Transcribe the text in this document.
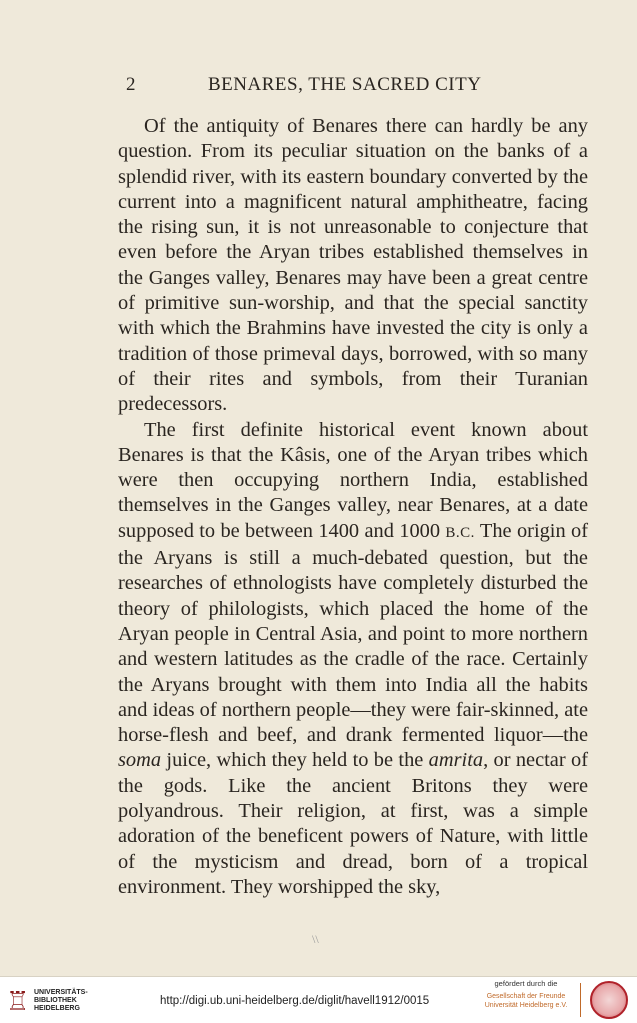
2	BENARES, THE SACRED CITY

Of the antiquity of Benares there can hardly be any question. From its peculiar situation on the banks of a splendid river, with its eastern boundary converted by the current into a magnificent natural amphitheatre, facing the rising sun, it is not unreasonable to conjecture that even before the Aryan tribes established themselves in the Ganges valley, Benares may have been a great centre of primitive sun-worship, and that the special sanctity with which the Brahmins have invested the city is only a tradition of those primeval days, borrowed, with so many of their rites and symbols, from their Turanian predecessors.

The first definite historical event known about Benares is that the Kâsis, one of the Aryan tribes which were then occupying northern India, established themselves in the Ganges valley, near Benares, at a date supposed to be between 1400 and 1000 B.C. The origin of the Aryans is still a much-debated question, but the researches of ethnologists have completely disturbed the theory of philologists, which placed the home of the Aryan people in Central Asia, and point to more northern and western latitudes as the cradle of the race. Certainly the Aryans brought with them into India all the habits and ideas of northern people—they were fair-skinned, ate horse-flesh and beef, and drank fermented liquor—the soma juice, which they held to be the amrita, or nectar of the gods. Like the ancient Britons they were polyandrous. Their religion, at first, was a simple adoration of the beneficent powers of Nature, with little of the mysticism and dread, born of a tropical environment. They worshipped the sky,

\\
♖ UNIVERSITÄTS-
BIBLIOTHEK
HEIDELBERG
http://digi.ub.uni-heidelberg.de/diglit/havell1912/0015
gefördert durch die
Gesellschaft der Freunde
Universität Heidelberg e.V.
